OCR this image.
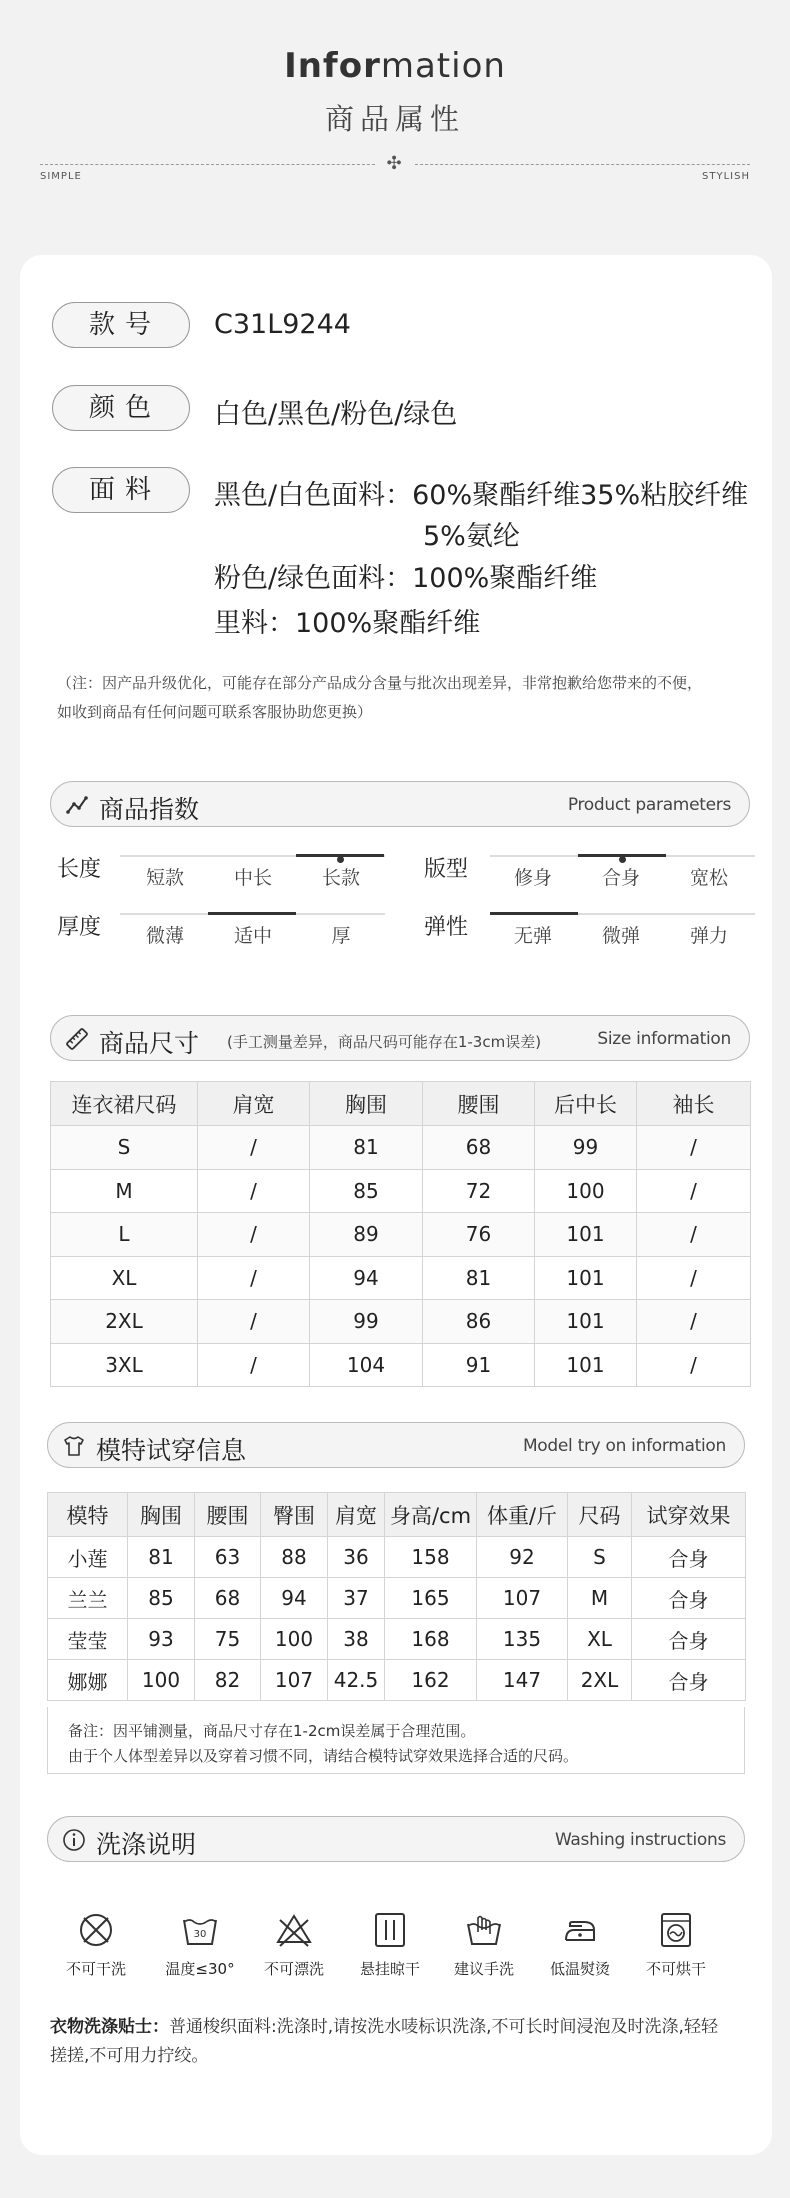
Information
商品属性
✣
SIMPLE	STYLISH
款号	C31L9244
颜色	白色/黑色/粉色/绿色
面料	黑色/白色面料：60%聚酯纤维35%粘胶纤维
5%氨纶
粉色/绿色面料：100%聚酯纤维
里料：100%聚酯纤维
（注：因产品升级优化，可能存在部分产品成分含量与批次出现差异，非常抱歉给您带来的不便，
如收到商品有任何问题可联系客服协助您更换）
商品指数	Product parameters
长度	短款	中长	长款	版型	修身	合身	宽松
厚度	微薄	适中	厚	弹性	无弹	微弹	弹力
商品尺寸 (手工测量差异，商品尺码可能存在1-3cm误差)	Size information
连衣裙尺码	肩宽	胸围	腰围	后中长	袖长
S	/	81	68	99	/
M	/	85	72	100	/
L	/	89	76	101	/
XL	/	94	81	101	/
2XL	/	99	86	101	/
3XL	/	104	91	101	/
模特试穿信息	Model try on information
模特	胸围	腰围	臀围	肩宽	身高/cm	体重/斤	尺码	试穿效果
小莲	81	63	88	36	158	92	S	合身
兰兰	85	68	94	37	165	107	M	合身
莹莹	93	75	100	38	168	135	XL	合身
娜娜	100	82	107	42.5	162	147	2XL	合身
备注：因平铺测量，商品尺寸存在1-2cm误差属于合理范围。
由于个人体型差异以及穿着习惯不同，请结合模特试穿效果选择合适的尺码。
洗涤说明	Washing instructions
不可干洗
30
温度≤30°	不可漂洗	悬挂晾干	建议手洗	低温熨烫	不可烘干
衣物洗涤贴士：普通梭织面料:洗涤时,请按洗水唛标识洗涤,不可长时间浸泡及时洗涤,轻轻
搓搓,不可用力拧绞。
